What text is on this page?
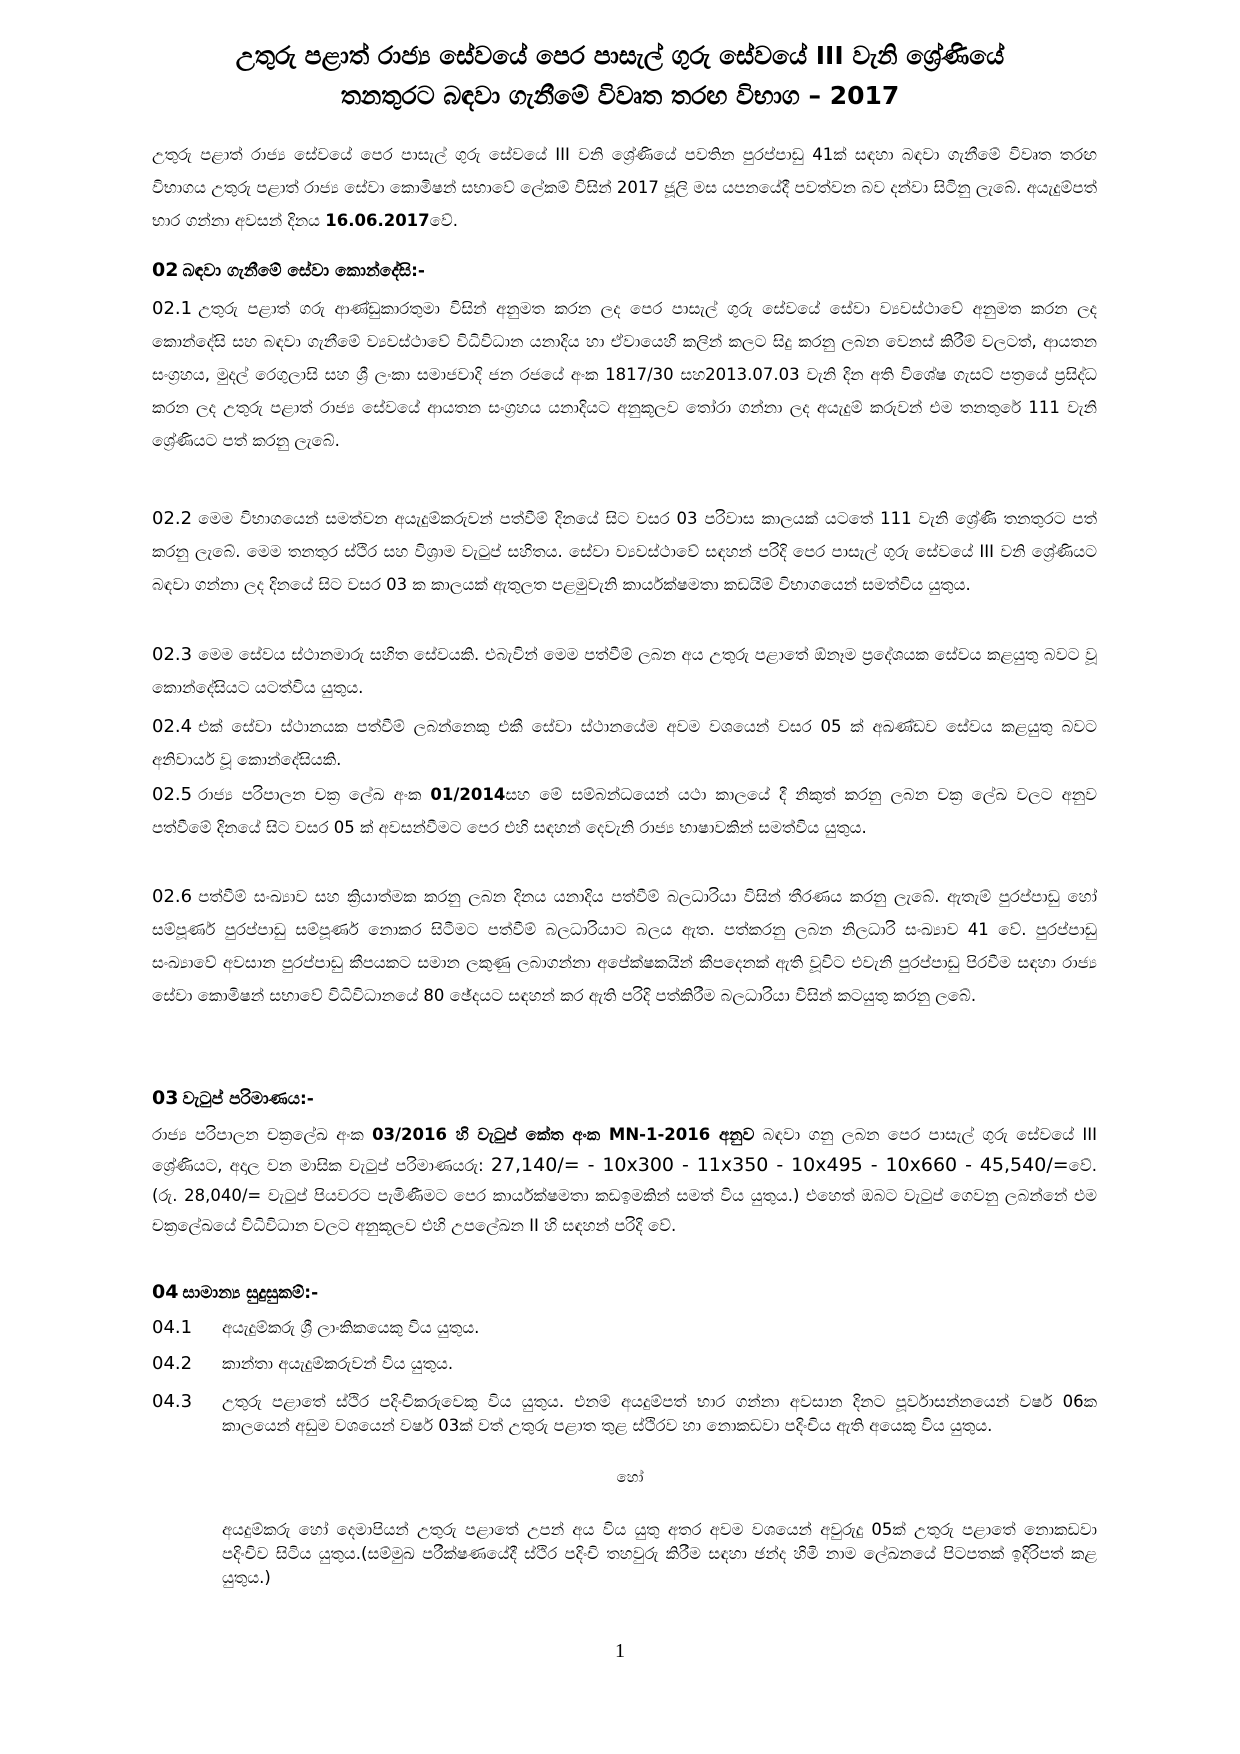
උතුරු පළාත් රාජ්‍ය සේවයේ පෙර පාසැල් ගුරු සේවයේ III වැනි ශ්‍රේණියේ
තනතුරට බඳවා ගැනීමේ විවෘත තරඟ විභාග – 2017

උතුරු පළාත් රාජ්‍ය සේවයේ පෙර පාසැල් ගුරු සේවයේ III වනි ශ්‍රේණියේ පවතින පුරප්පාඩු 41ක් සඳහා බඳවා ගැනීමේ විවෘත තරඟ විභාගය උතුරු පළාත් රාජ්‍ය සේවා කොමිෂන් සභාවේ ලේකම් විසින් 2017 ජූලි මස යපනයේදී පවත්වන බව දන්වා සිටිනු ලැබේ. අයැදුම්පත් භාර ගන්නා අවසන් දිනය 16.06.2017වේ.

02 බඳවා ගැනීමේ සේවා කොන්දේසි:-

02.1 උතුරු පළාත් ගරු ආණ්ඩුකාරතුමා විසින් අනුමත කරන ලද පෙර පාසැල් ගුරු සේවයේ සේවා ව්‍යවස්ථාවේ අනුමත කරන ලද කොන්දේසි සහ බඳවා ගැනීමේ ව්‍යවස්ථාවේ විධිවිධාන යනාදිය හා ඒවායෙහි කලින් කලට සිදු කරනු ලබන වෙනස් කිරීම් වලටත්, ආයතන සංග්‍රහය, මුදල් රෙගුලාසි සහ ශ්‍රී ලංකා සමාජවාදි ජන රජයේ අංක 1817/30 සහ2013.07.03 වැනි දින අති විශේෂ ගැසට් පත්‍රයේ ප්‍රසිද්ධ කරන ලද උතුරු පළාත් රාජ්‍ය සේවයේ ආයතන සංග්‍රහය යනාදියට අනුකූලව තෝරා ගන්නා ලද අයැදුම් කරුවන් එම තනතුරේ 111 වැනි ශ්‍රේණියට පත් කරනු ලැබේ.

02.2 මෙම විභාගයෙන් සමත්වන අයැදුම්කරුවන් පත්වීම් දිනයේ සිට වසර 03 පරිවාස කාලයක් යටතේ 111 වැනි ශ්‍රේණි තනතුරට පත් කරනු ලැබේ. මෙම තනතුර ස්ථිර සහ විශ්‍රාම වැටුප් සහිතය. සේවා ව්‍යවස්ථාවේ සඳහන් පරිදි පෙර පාසැල් ගුරු සේවයේ III වනි ශ්‍රේණියට බඳවා ගන්නා ලද දිනයේ සිට වසර 03 ක කාලයක් ඇතුලත පළමුවැනි කාර්යක්ෂමතා කඩයිම් විභාගයෙන් සමත්විය යුතුය.

02.3 මෙම සේවය ස්ථානමාරු සහිත සේවයකි. එබැවින් මෙම පත්වීම් ලබන අය උතුරු පළාතේ ඕනෑම ප්‍රදේශයක සේවය කළයුතු බවට වූ කොන්දේසියට යටත්විය යුතුය.

02.4 එක් සේවා ස්ථානයක පත්වීම් ලබන්නෙකු එකී සේවා ස්ථානයේම අවම වශයෙන් වසර 05 ක් අඛණ්ඩව සේවය කළයුතු බවට අනිවාර්ය වූ කොන්දේසියකි.

02.5 රාජ්‍ය පරිපාලන චක්‍ර ලේඛ අංක 01/2014සහ මේ සම්බන්ධයෙන් යථා කාලයේ දී නිකුත් කරනු ලබන චක්‍ර ලේඛ වලට අනුව පත්වීමේ දිනයේ සිට වසර 05 ක් අවසන්වීමට පෙර එහි සඳහන් දෙවැනි රාජ්‍ය භාෂාවකින් සමත්විය යුතුය.

02.6 පත්වීම් සංඛ්‍යාව සහ ක්‍රියාත්මක කරනු ලබන දිනය යනාදිය පත්වීම් බලධාරියා විසින් තීරණය කරනු ලැබේ. ඇතැම් පුරප්පාඩු හෝ සම්පූර්ණ පුරප්පාඩු සම්පූර්ණ නොකර සිටීමට පත්වීම් බලධාරියාට බලය ඇත. පත්කරනු ලබන නිලධාරි සංඛ්‍යාව 41 වේ. පුරප්පාඩු සංඛ්‍යාවේ අවසාන පුරප්පාඩු කීපයකට සමාන ලකුණු ලබාගන්නා අපේක්ෂකයින් කීපදෙනක් ඇති වූවිට එවැනි පුරප්පාඩු පිරවීම සඳහා රාජ්‍ය සේවා කොමිෂන් සභාවේ විධිවිධානයේ 80 ඡේදයට සඳහන් කර ඇති පරිදි පත්කිරීම බලධාරියා විසින් කටයුතු කරනු ලබේ.

03 වැටුප් පරිමාණය:-

රාජ්‍ය පරිපාලන චක්‍රලේඛ අංක 03/2016 හි වැටුප් කේත අංක MN-1-2016 අනුව බඳවා ගනු ලබන පෙර පාසැල් ගුරු සේවයේ III ශ්‍රේණියට, අදාල වන මාසික වැටුප් පරිමාණයරු: 27,140/= - 10x300 - 11x350 - 10x495 - 10x660 - 45,540/=වේ. (රු. 28,040/= වැටුප් පියවරට පැමිණීමට පෙර කාර්යක්ෂමතා කඩඉමකින් සමත් විය යුතුය.) එහෙත් ඔබට වැටුප් ගෙවනු ලබන්නේ එම චක්‍රලේඛයේ විධිවිධාන වලට අනුකූලව එහි උපලේඛන II හි සඳහන් පරිදි වේ.

04 සාමාන්‍ය සුදුසුකම්:-
04.1 අයැදුම්කරු ශ්‍රී ලාංකිකයෙකු විය යුතුය.
04.2 කාන්තා අයැදුම්කරුවන් විය යුතුය.
04.3 උතුරු පළාතේ ස්ථිර පදිංචිකරුවෙකු විය යුතුය. එනම් අයදුම්පත් භාර ගන්නා අවසාන දිනට පූර්වාසන්නයෙන් වර්ෂ 06ක කාලයෙන් අඩුම වශයෙන් වර්ෂ 03ක් වත් උතුරු පළාත තුළ ස්ථිරව හා නොකඩවා පදිංචිය ඇති අයෙකු විය යුතුය.
හෝ
අයදුම්කරු හෝ දෙමාපියන් උතුරු පළාතේ උපන් අය විය යුතු අතර අවම වශයෙන් අවුරුදු 05ක් උතුරු පළාතේ නොකඩවා පදිංචිව සිටිය යුතුය.(සම්මුඛ පරීක්ෂණයේදී ස්ථිර පදිංචි තහවුරු කිරීම සඳහා ඡන්ද හිමි නාම ලේඛනයේ පිටපතක් ඉදිරිපත් කළ යුතුය.)
1
